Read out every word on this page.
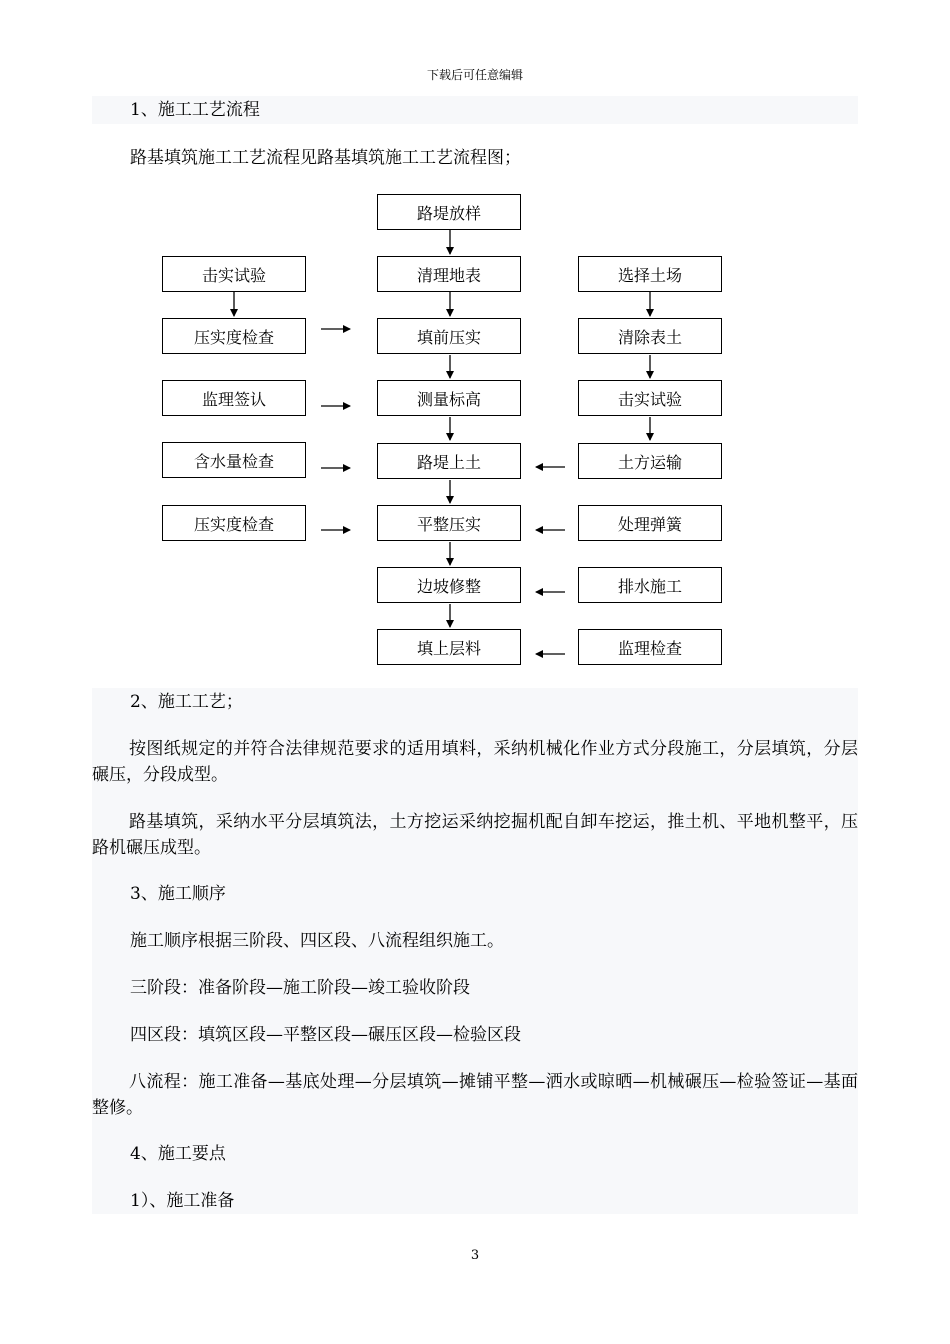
下载后可任意编辑

1、施工工艺流程

路基填筑施工工艺流程见路基填筑施工工艺流程图；

路堤放样
清理地表
填前压实
测量标高
路堤上土
平整压实
边坡修整
填上层料
击实试验
压实度检查
监理签认
含水量检查
压实度检查
选择土场
清除表土
击实试验
土方运输
处理弹簧
排水施工
监理检查

2、施工工艺；

按图纸规定的并符合法律规范要求的适用填料，采纳机械化作业方式分段施工，分层填筑，分层碾压，分段成型。

路基填筑，采纳水平分层填筑法，土方挖运采纳挖掘机配自卸车挖运，推土机、平地机整平，压路机碾压成型。

3、施工顺序

施工顺序根据三阶段、四区段、八流程组织施工。

三阶段：准备阶段—施工阶段—竣工验收阶段

四区段：填筑区段—平整区段—碾压区段—检验区段

八流程：施工准备—基底处理—分层填筑—摊铺平整—洒水或晾晒—机械碾压—检验签证—基面整修。

4、施工要点

1）、施工准备

3
